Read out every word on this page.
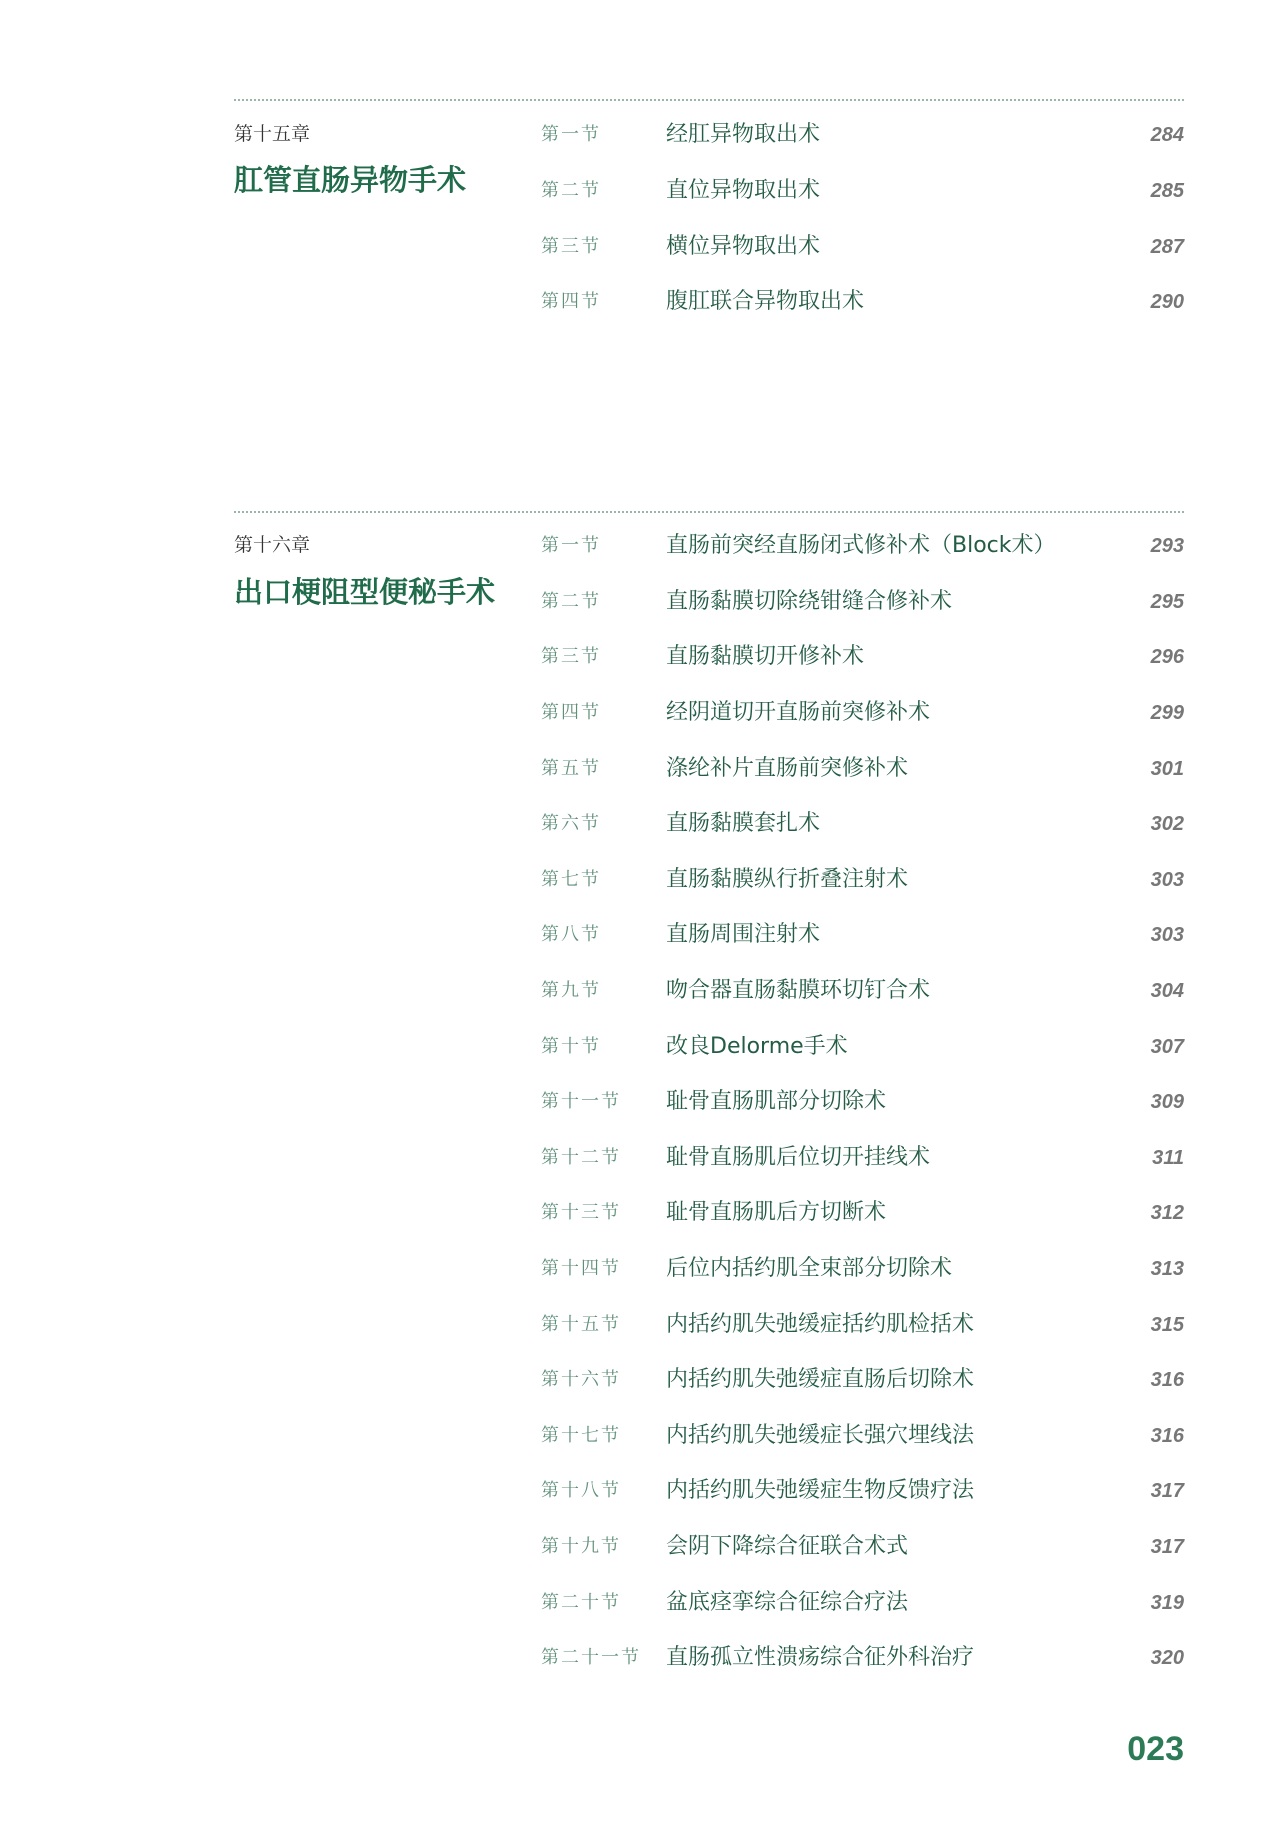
第十五章
肛管直肠异物手术
第一节	经肛异物取出术	284
第二节	直位异物取出术	285
第三节	横位异物取出术	287
第四节	腹肛联合异物取出术	290
第十六章
出口梗阻型便秘手术
第一节	直肠前突经直肠闭式修补术（Block术）	293
第二节	直肠黏膜切除绕钳缝合修补术	295
第三节	直肠黏膜切开修补术	296
第四节	经阴道切开直肠前突修补术	299
第五节	涤纶补片直肠前突修补术	301
第六节	直肠黏膜套扎术	302
第七节	直肠黏膜纵行折叠注射术	303
第八节	直肠周围注射术	303
第九节	吻合器直肠黏膜环切钉合术	304
第十节	改良Delorme手术	307
第十一节 耻骨直肠肌部分切除术	309
第十二节 耻骨直肠肌后位切开挂线术	311
第十三节 耻骨直肠肌后方切断术	312
第十四节 后位内括约肌全束部分切除术	313
第十五节 内括约肌失弛缓症括约肌检括术	315
第十六节 内括约肌失弛缓症直肠后切除术	316
第十七节 内括约肌失弛缓症长强穴埋线法	316
第十八节 内括约肌失弛缓症生物反馈疗法	317
第十九节 会阴下降综合征联合术式	317
第二十节 盆底痉挛综合征综合疗法	319
第二十一节 直肠孤立性溃疡综合征外科治疗	320
023
